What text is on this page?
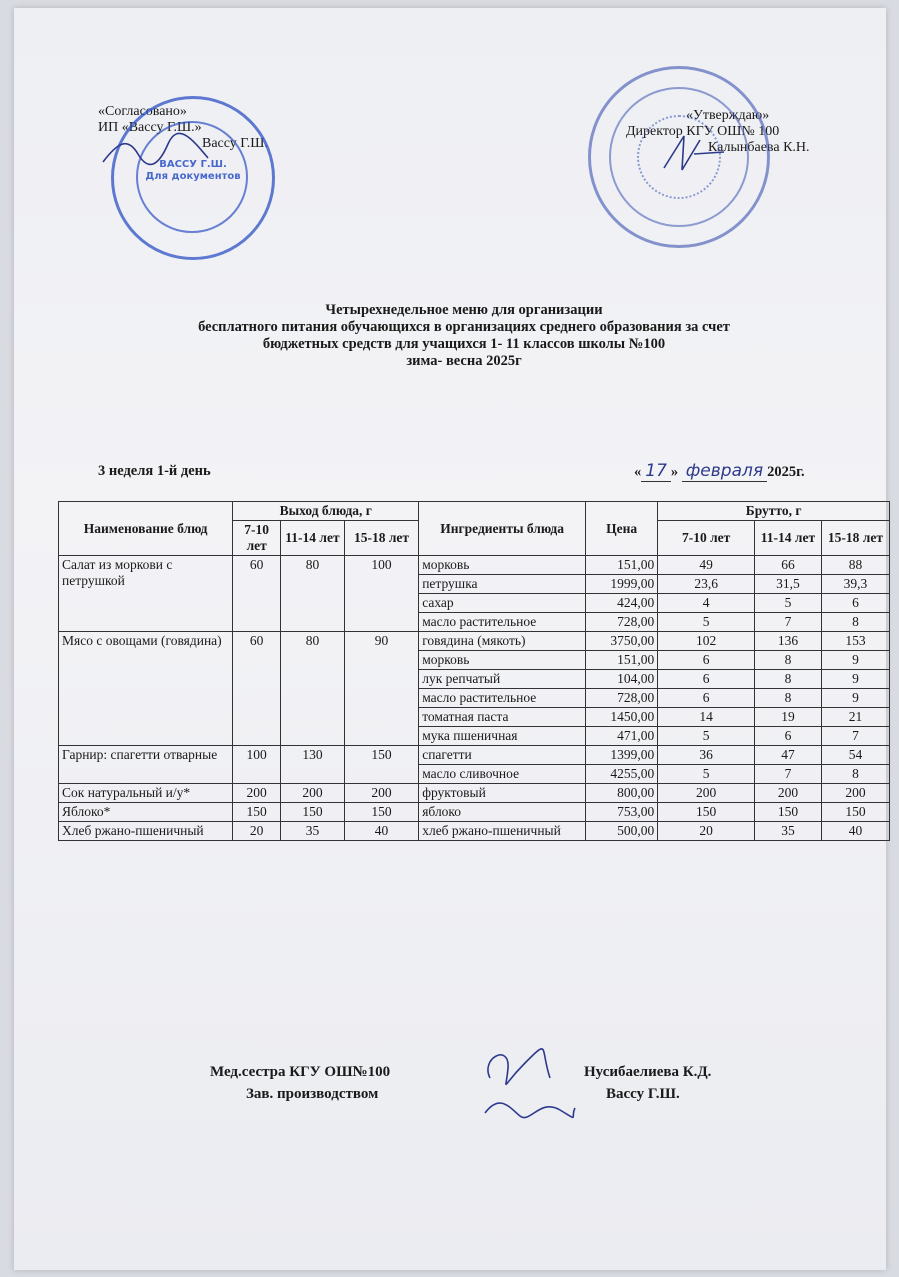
«Согласовано»
ИП «Вассу Г.Ш.»
Вассу Г.Ш.
ВАССУ Г.Ш.
Для документов
«Утверждаю»
Директор КГУ ОШ№ 100
Калынбаева К.Н.
Четырехнедельное меню для организации
бесплатного питания обучающихся в организациях среднего образования за счет
бюджетных средств для учащихся 1- 11 классов школы №100
зима- весна 2025г
3 неделя 1-й день	« 17 » февраля 2025г.
Наименование блюд	Выход блюда, г			Ингредиенты блюда	Цена	Брутто, г		
	7-10 лет	11-14 лет	15-18 лет			7-10 лет	11-14 лет	15-18 лет
Салат из моркови с петрушкой	60	80	100	морковь	151,00	49	66	88
				петрушка	1999,00	23,6	31,5	39,3
				сахар	424,00	4	5	6
				масло растительное	728,00	5	7	8
Мясо с овощами (говядина)	60	80	90	говядина (мякоть)	3750,00	102	136	153
				морковь	151,00	6	8	9
				лук репчатый	104,00	6	8	9
				масло растительное	728,00	6	8	9
				томатная паста	1450,00	14	19	21
				мука пшеничная	471,00	5	6	7
Гарнир: спагетти отварные	100	130	150	спагетти	1399,00	36	47	54
				масло сливочное	4255,00	5	7	8
Сок натуральный и/у*	200	200	200	фруктовый	800,00	200	200	200
Яблоко*	150	150	150	яблоко	753,00	150	150	150
Хлеб ржано-пшеничный	20	35	40	хлеб ржано-пшеничный	500,00	20	35	40
Мед.сестра КГУ ОШ№100
Зав. производством
Нусибаелиева К.Д.
Вассу Г.Ш.
